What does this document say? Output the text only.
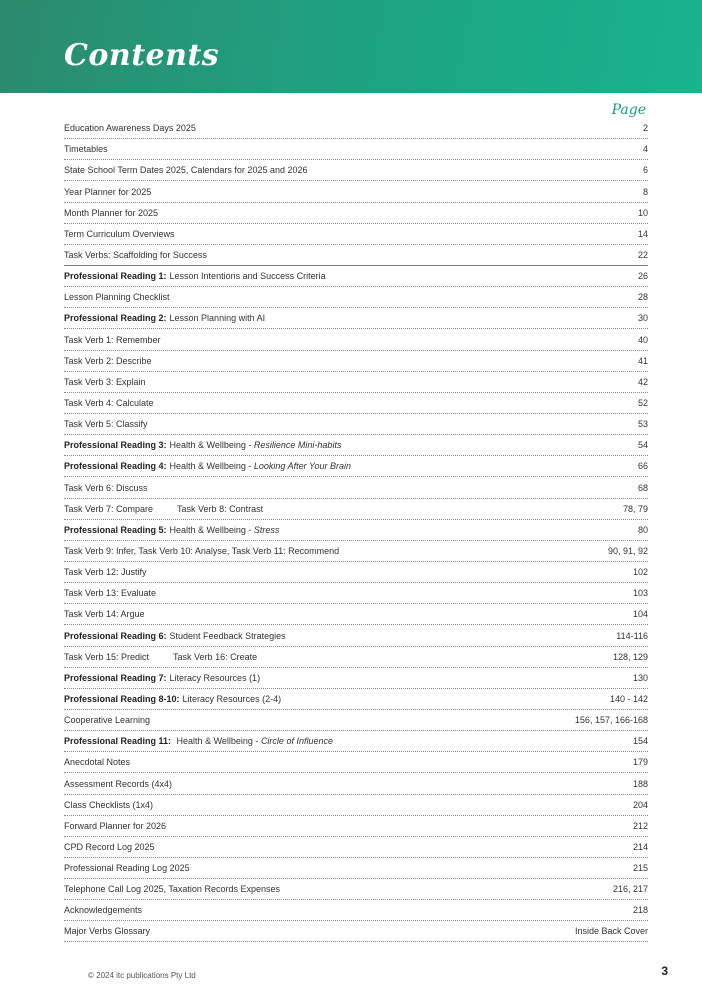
Contents
Page
Education Awareness Days 2025	2
Timetables	4
State School Term Dates 2025, Calendars for 2025 and 2026	6
Year Planner for 2025	8
Month Planner for 2025	10
Term Curriculum Overviews	14
Task Verbs: Scaffolding for Success	22
Professional Reading 1: Lesson Intentions and Success Criteria	26
Lesson Planning Checklist	28
Professional Reading 2: Lesson Planning with AI	30
Task Verb 1: Remember	40
Task Verb 2: Describe	41
Task Verb 3: Explain	42
Task Verb 4: Calculate	52
Task Verb 5: Classify	53
Professional Reading 3: Health & Wellbeing - Resilience Mini-habits	54
Professional Reading 4: Health & Wellbeing - Looking After Your Brain	66
Task Verb 6: Discuss	68
Task Verb 7: Compare	Task Verb 8: Contrast	78, 79
Professional Reading 5: Health & Wellbeing - Stress	80
Task Verb 9: Infer, Task Verb 10: Analyse, Task Verb 11: Recommend	90, 91, 92
Task Verb 12: Justify	102
Task Verb 13: Evaluate	103
Task Verb 14: Argue	104
Professional Reading 6: Student Feedback Strategies	114-116
Task Verb 15: Predict	Task Verb 16: Create	128, 129
Professional Reading 7: Literacy Resources (1)	130
Professional Reading 8-10: Literacy Resources (2-4)	140 - 142
Cooperative Learning	156, 157, 166-168
Professional Reading 11: Health & Wellbeing - Circle of Influence	154
Anecdotal Notes	179
Assessment Records (4x4)	188
Class Checklists (1x4)	204
Forward Planner for 2026	212
CPD Record Log 2025	214
Professional Reading Log 2025	215
Telephone Call Log 2025, Taxation Records Expenses	216, 217
Acknowledgements	218
Major Verbs Glossary	Inside Back Cover
© 2024 itc publications Pty Ltd	3
